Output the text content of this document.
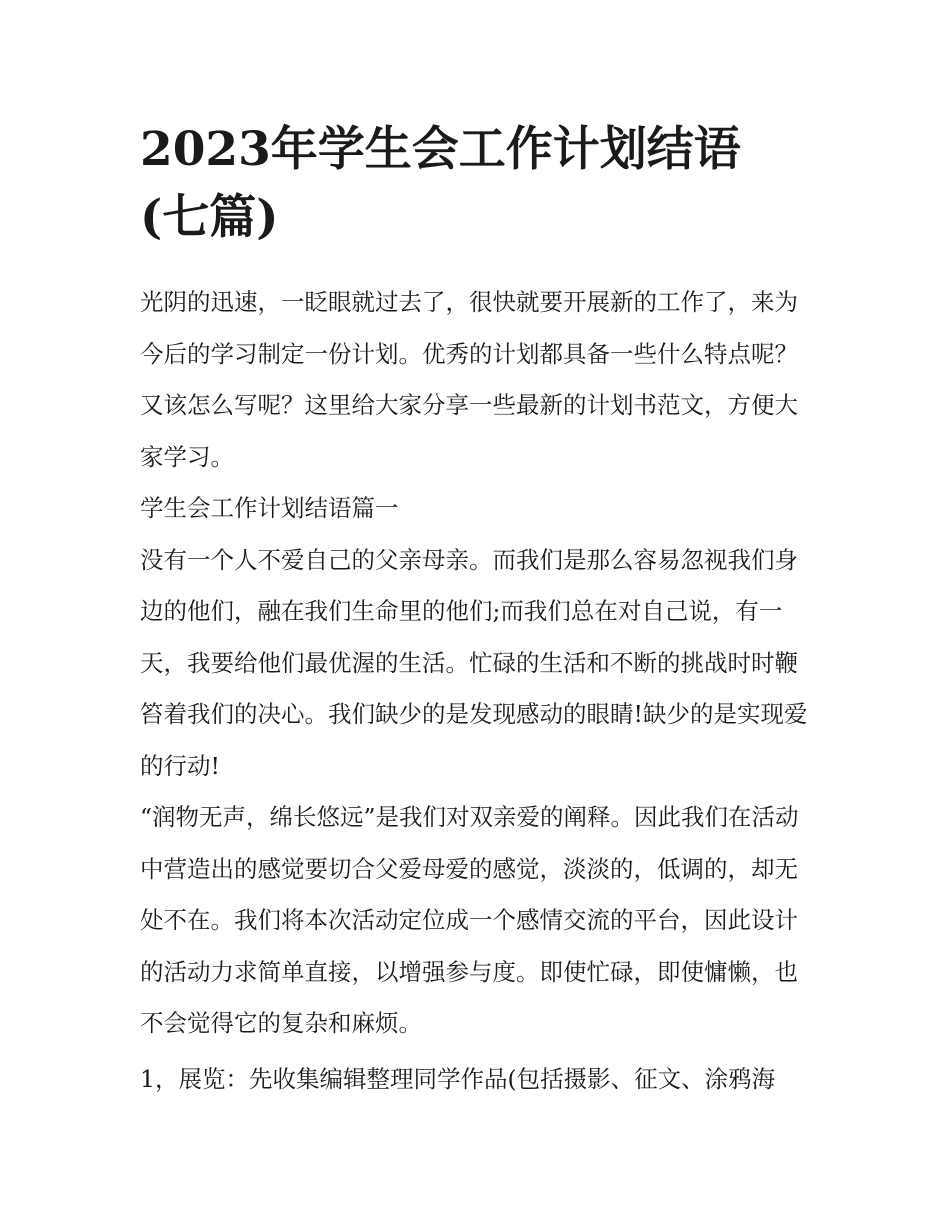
2023年学生会工作计划结语
(七篇)

光阴的迅速，一眨眼就过去了，很快就要开展新的工作了，来为今后的学习制定一份计划。优秀的计划都具备一些什么特点呢？又该怎么写呢？这里给大家分享一些最新的计划书范文，方便大家学习。

学生会工作计划结语篇一

没有一个人不爱自己的父亲母亲。而我们是那么容易忽视我们身边的他们，融在我们生命里的他们;而我们总在对自己说，有一天，我要给他们最优渥的生活。忙碌的生活和不断的挑战时时鞭笞着我们的决心。我们缺少的是发现感动的眼睛!缺少的是实现爱的行动!

“润物无声，绵长悠远”是我们对双亲爱的阐释。因此我们在活动中营造出的感觉要切合父爱母爱的感觉，淡淡的，低调的，却无处不在。我们将本次活动定位成一个感情交流的平台，因此设计的活动力求简单直接，以增强参与度。即使忙碌，即使慵懒，也不会觉得它的复杂和麻烦。

1，展览：先收集编辑整理同学作品(包括摄影、征文、涂鸦海
